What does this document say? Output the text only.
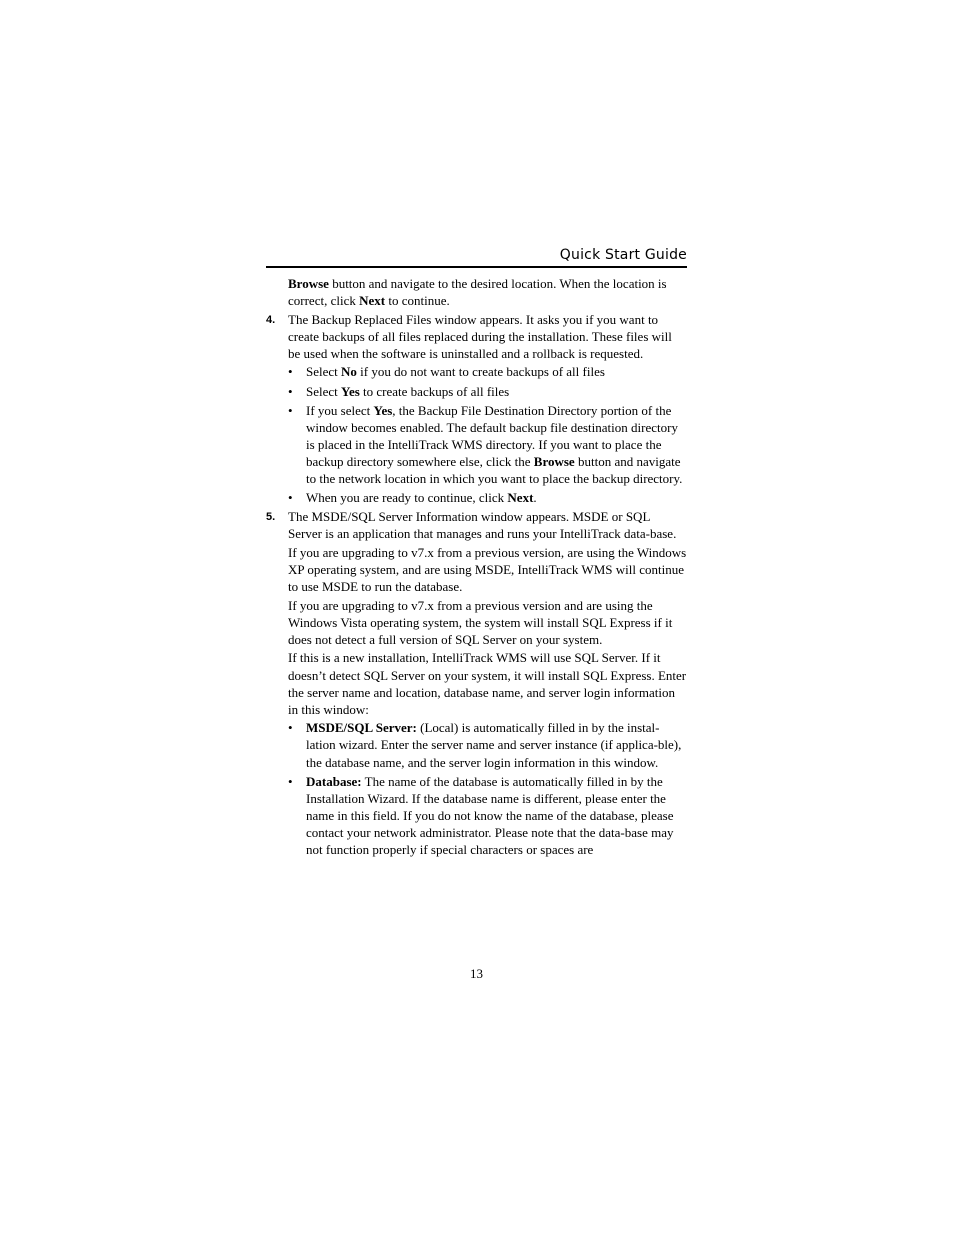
Quick Start Guide

Browse button and navigate to the desired location. When the location is correct, click Next to continue.

4. The Backup Replaced Files window appears. It asks you if you want to create backups of all files replaced during the installation. These files will be used when the software is uninstalled and a rollback is requested.
• Select No if you do not want to create backups of all files
• Select Yes to create backups of all files
• If you select Yes, the Backup File Destination Directory portion of the window becomes enabled. The default backup file destination directory is placed in the IntelliTrack WMS directory. If you want to place the backup directory somewhere else, click the Browse button and navigate to the network location in which you want to place the backup directory.
• When you are ready to continue, click Next.
5. The MSDE/SQL Server Information window appears. MSDE or SQL Server is an application that manages and runs your IntelliTrack data-base.

If you are upgrading to v7.x from a previous version, are using the Windows XP operating system, and are using MSDE, IntelliTrack WMS will continue to use MSDE to run the database.

If you are upgrading to v7.x from a previous version and are using the Windows Vista operating system, the system will install SQL Express if it does not detect a full version of SQL Server on your system.

If this is a new installation, IntelliTrack WMS will use SQL Server. If it doesn’t detect SQL Server on your system, it will install SQL Express. Enter the server name and location, database name, and server login information in this window:

• MSDE/SQL Server: (Local) is automatically filled in by the instal-lation wizard. Enter the server name and server instance (if applica-ble), the database name, and the server login information in this window.
• Database: The name of the database is automatically filled in by the Installation Wizard. If the database name is different, please enter the name in this field. If you do not know the name of the database, please contact your network administrator. Please note that the data-base may not function properly if special characters or spaces are
13
